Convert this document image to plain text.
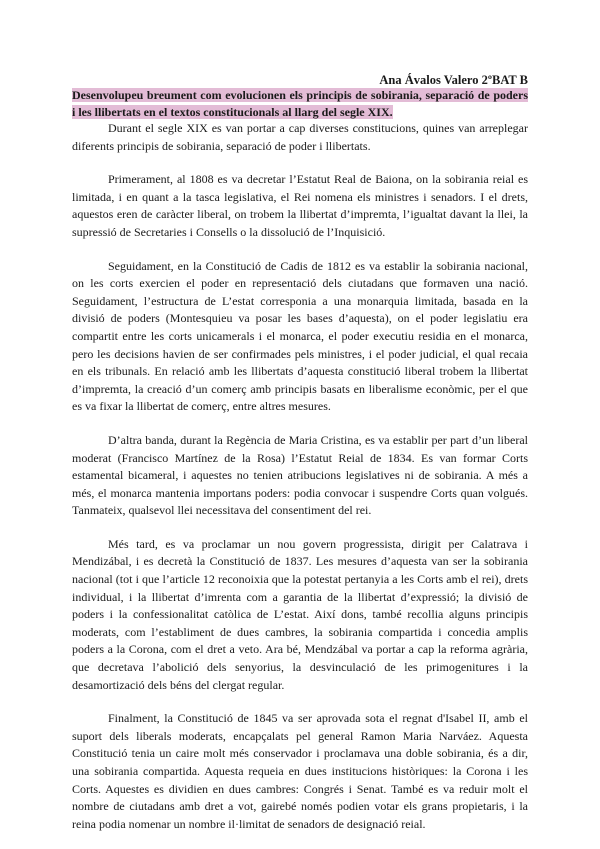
Ana Ávalos Valero 2ºBAT B
Desenvolupeu breument com evolucionen els principis de sobirania, separació de poders i les llibertats en el textos constitucionals al llarg del segle XIX.

Durant el segle XIX es van portar a cap diverses constitucions, quines van arreplegar diferents principis de sobirania, separació de poder i llibertats.

Primerament, al 1808 es va decretar l’Estatut Real de Baiona, on la sobirania reial es limitada, i en quant a la tasca legislativa, el Rei nomena els ministres i senadors. I el drets, aquestos eren de caràcter liberal, on trobem la llibertat d’impremta, l’igualtat davant la llei, la supressió de Secretaries i Consells o la dissolució de l’Inquisició.

Seguidament, en la Constitució de Cadis de 1812 es va establir la sobirania nacional, on les corts exercien el poder en representació dels ciutadans que formaven una nació. Seguidament, l’estructura de L’estat corresponia a una monarquia limitada, basada en la divisió de poders (Montesquieu va posar les bases d’aquesta), on el poder legislatiu era compartit entre les corts unicamerals i el monarca, el poder executiu residia en el monarca, pero les decisions havien de ser confirmades pels ministres, i el poder judicial, el qual recaia en els tribunals. En relació amb les llibertats d’aquesta constitució liberal trobem la llibertat d’impremta, la creació d’un comerç amb principis basats en liberalisme econòmic, per el que es va fixar la llibertat de comerç, entre altres mesures.

D’altra banda, durant la Regència de Maria Cristina, es va establir per part d’un liberal moderat (Francisco Martínez de la Rosa) l’Estatut Reial de 1834. Es van formar Corts estamental bicameral, i aquestes no tenien atribucions legislatives ni de sobirania. A més a més, el monarca mantenia importans poders: podia convocar i suspendre Corts quan volgués. Tanmateix, qualsevol llei necessitava del consentiment del rei.

Més tard, es va proclamar un nou govern progressista, dirigit per Calatrava i Mendizábal, i es decretà la Constitució de 1837. Les mesures d’aquesta van ser la sobirania nacional (tot i que l’article 12 reconoixia que la potestat pertanyia a les Corts amb el rei), drets individual, i la llibertat d’imrenta com a garantia de la llibertat d’expressió; la divisió de poders i la confessionalitat catòlica de L’estat. Així dons, també recollia alguns principis moderats, com l’establiment de dues cambres, la sobirania compartida i concedia amplis poders a la Corona, com el dret a veto. Ara bé, Mendzábal va portar a cap la reforma agrària, que decretava l’abolició dels senyorius, la desvinculació de les primogenitures i la desamortizació dels béns del clergat regular.

Finalment, la Constitució de 1845 va ser aprovada sota el regnat d'Isabel II, amb el suport dels liberals moderats, encapçalats pel general Ramon Maria Narváez. Aquesta Constitució tenia un caire molt més conservador i proclamava una doble sobirania, és a dir, una sobirania compartida. Aquesta requeia en dues institucions històriques: la Corona i les Corts. Aquestes es dividien en dues cambres: Congrés i Senat. També es va reduir molt el nombre de ciutadans amb dret a vot, gairebé només podien votar els grans propietaris, i la reina podia nomenar un nombre il·limitat de senadors de designació reial.
